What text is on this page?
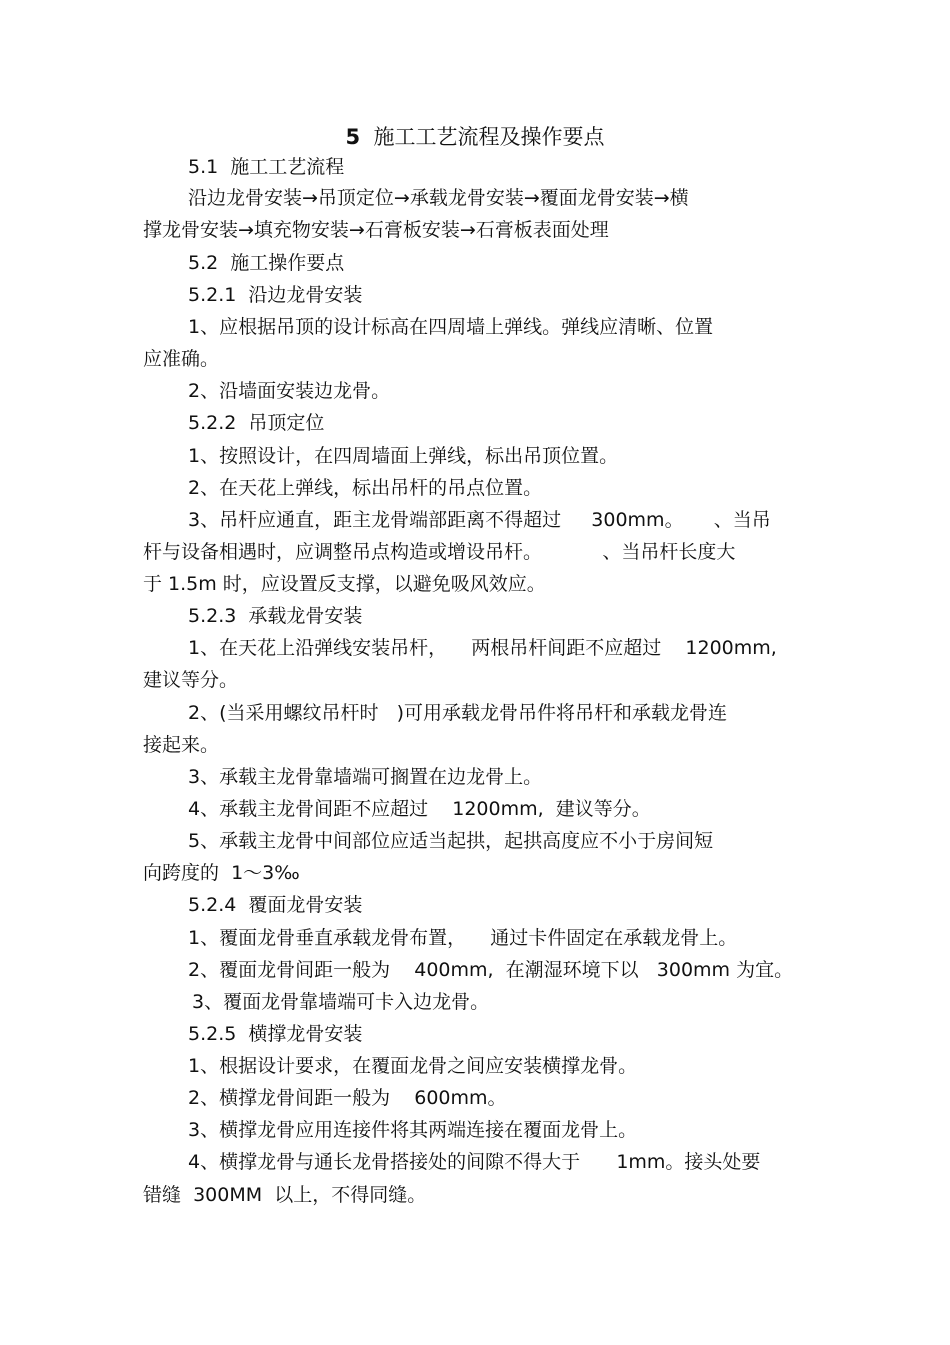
5 施工工艺流程及操作要点
5.1  施工工艺流程
沿边龙骨安装→吊顶定位→承载龙骨安装→覆面龙骨安装→横
撑龙骨安装→填充物安装→石膏板安装→石膏板表面处理
5.2  施工操作要点
5.2.1  沿边龙骨安装
1、应根据吊顶的设计标高在四周墙上弹线。弹线应清晰、位置
应准确。
2、沿墙面安装边龙骨。
5.2.2  吊顶定位
1、按照设计，在四周墙面上弹线，标出吊顶位置。
2、在天花上弹线，标出吊杆的吊点位置。
3、吊杆应通直，距主龙骨端部距离不得超过     300mm。     、当吊
杆与设备相遇时，应调整吊点构造或增设吊杆。          、当吊杆长度大
于 1.5m 时，应设置反支撑，以避免吸风效应。
5.2.3  承载龙骨安装
1、在天花上沿弹线安装吊杆，    两根吊杆间距不应超过    1200mm,
建议等分。
2、(当采用螺纹吊杆时   )可用承载龙骨吊件将吊杆和承载龙骨连
接起来。
3、承载主龙骨靠墙端可搁置在边龙骨上。
4、承载主龙骨间距不应超过    1200mm,  建议等分。
5、承载主龙骨中间部位应适当起拱，起拱高度应不小于房间短
向跨度的  1～3‰
5.2.4  覆面龙骨安装
1、覆面龙骨垂直承载龙骨布置，    通过卡件固定在承载龙骨上。
2、覆面龙骨间距一般为    400mm,  在潮湿环境下以   300mm 为宜。
3、覆面龙骨靠墙端可卡入边龙骨。
5.2.5  横撑龙骨安装
1、根据设计要求，在覆面龙骨之间应安装横撑龙骨。
2、横撑龙骨间距一般为    600mm。
3、横撑龙骨应用连接件将其两端连接在覆面龙骨上。
4、横撑龙骨与通长龙骨搭接处的间隙不得大于      1mm。接头处要
错缝  300MM  以上，不得同缝。
